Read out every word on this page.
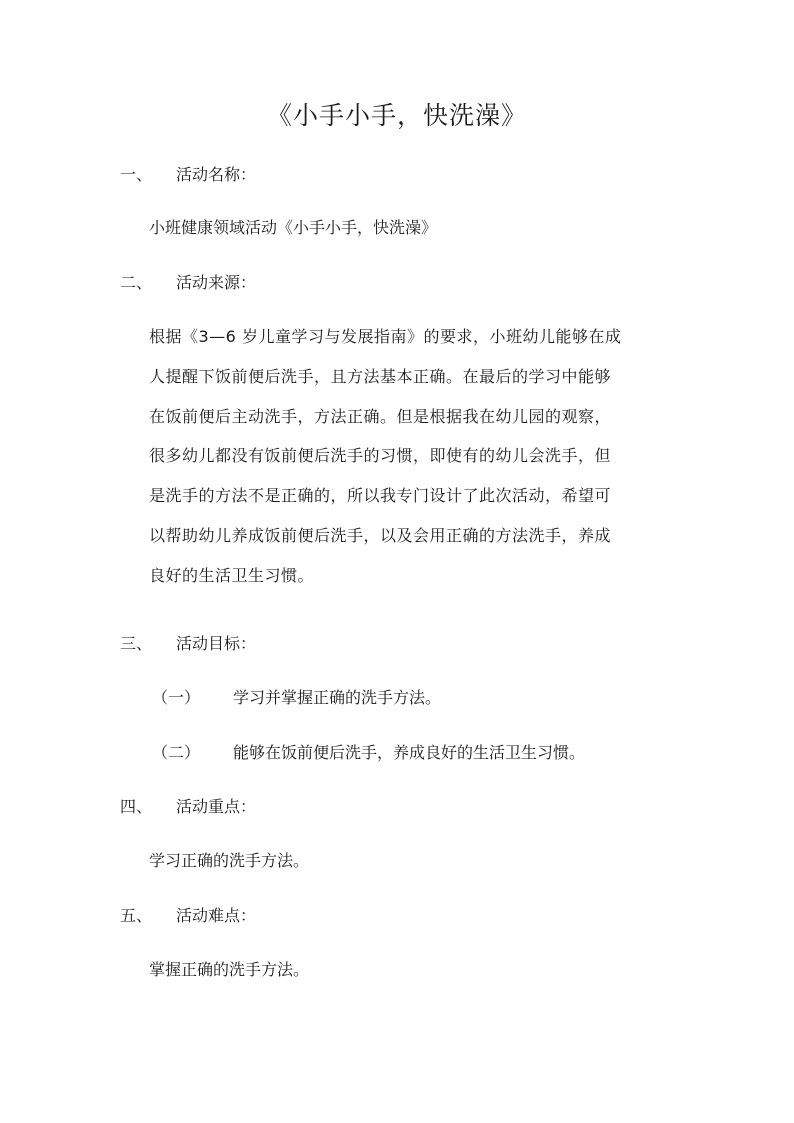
《小手小手，快洗澡》
一、 活动名称：
小班健康领域活动《小手小手，快洗澡》
二、 活动来源：

根据《3—6 岁儿童学习与发展指南》的要求，小班幼儿能够在成

人提醒下饭前便后洗手，且方法基本正确。在最后的学习中能够

在饭前便后主动洗手，方法正确。但是根据我在幼儿园的观察，

很多幼儿都没有饭前便后洗手的习惯，即使有的幼儿会洗手，但

是洗手的方法不是正确的，所以我专门设计了此次活动，希望可

以帮助幼儿养成饭前便后洗手，以及会用正确的方法洗手，养成

良好的生活卫生习惯。

三、 活动目标：
（一） 学习并掌握正确的洗手方法。
（二） 能够在饭前便后洗手，养成良好的生活卫生习惯。
四、 活动重点：
学习正确的洗手方法。
五、 活动难点：
掌握正确的洗手方法。
